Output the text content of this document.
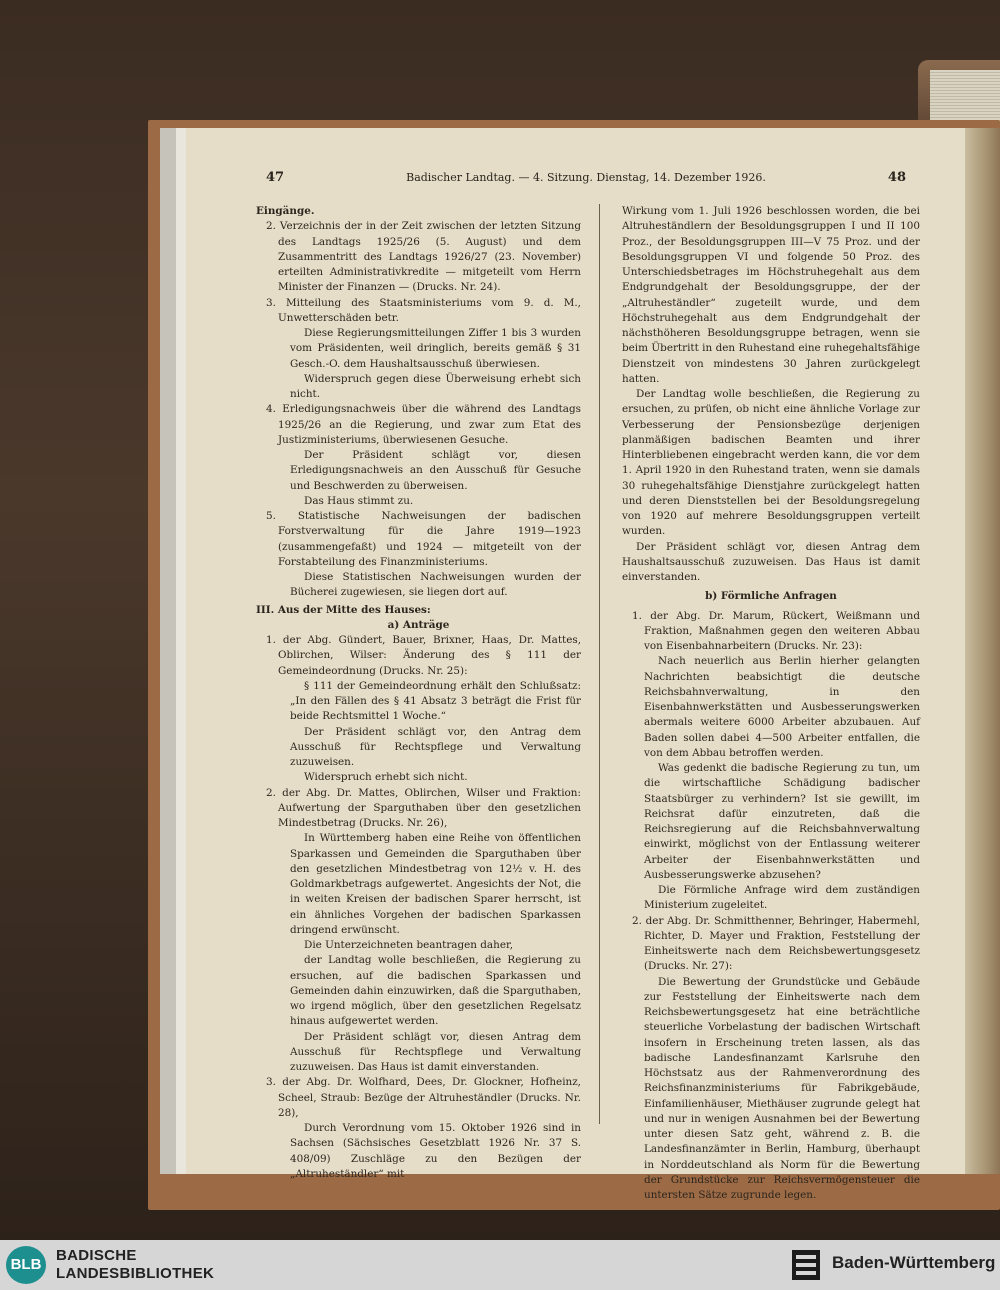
47	Badischer Landtag. — 4. Sitzung. Dienstag, 14. Dezember 1926.	48

Eingänge.

2. Verzeichnis der in der Zeit zwischen der letzten Sitzung des Landtags 1925/26 (5. August) und dem Zusammentritt des Landtags 1926/27 (23. November) erteilten Administrativkredite — mitgeteilt vom Herrn Minister der Finanzen — (Drucks. Nr. 24).

3. Mitteilung des Staatsministeriums vom 9. d. M., Unwetterschäden betr.

Diese Regierungsmitteilungen Ziffer 1 bis 3 wurden vom Präsidenten, weil dringlich, bereits gemäß § 31 Gesch.-O. dem Haushaltsausschuß überwiesen.

Widerspruch gegen diese Überweisung erhebt sich nicht.

4. Erledigungsnachweis über die während des Landtags 1925/26 an die Regierung, und zwar zum Etat des Justizministeriums, überwiesenen Gesuche.

Der Präsident schlägt vor, diesen Erledigungsnachweis an den Ausschuß für Gesuche und Beschwerden zu überweisen.

Das Haus stimmt zu.

5. Statistische Nachweisungen der badischen Forstverwaltung für die Jahre 1919—1923 (zusammengefaßt) und 1924 — mitgeteilt von der Forstabteilung des Finanzministeriums.

Diese Statistischen Nachweisungen wurden der Bücherei zugewiesen, sie liegen dort auf.

III. Aus der Mitte des Hauses:

a) Anträge

1. der Abg. Gündert, Bauer, Brixner, Haas, Dr. Mattes, Oblirchen, Wilser: Änderung des § 111 der Gemeindeordnung (Drucks. Nr. 25):

§ 111 der Gemeindeordnung erhält den Schlußsatz: „In den Fällen des § 41 Absatz 3 beträgt die Frist für beide Rechtsmittel 1 Woche.“

Der Präsident schlägt vor, den Antrag dem Ausschuß für Rechtspflege und Verwaltung zuzuweisen.

Widerspruch erhebt sich nicht.

2. der Abg. Dr. Mattes, Oblirchen, Wilser und Fraktion: Aufwertung der Sparguthaben über den gesetzlichen Mindestbetrag (Drucks. Nr. 26),

In Württemberg haben eine Reihe von öffentlichen Sparkassen und Gemeinden die Sparguthaben über den gesetzlichen Mindestbetrag von 12½ v. H. des Goldmarkbetrags aufgewertet. Angesichts der Not, die in weiten Kreisen der badischen Sparer herrscht, ist ein ähnliches Vorgehen der badischen Sparkassen dringend erwünscht.

Die Unterzeichneten beantragen daher,

der Landtag wolle beschließen, die Regierung zu ersuchen, auf die badischen Sparkassen und Gemeinden dahin einzuwirken, daß die Sparguthaben, wo irgend möglich, über den gesetzlichen Regelsatz hinaus aufgewertet werden.

Der Präsident schlägt vor, diesen Antrag dem Ausschuß für Rechtspflege und Verwaltung zuzuweisen. Das Haus ist damit einverstanden.

3. der Abg. Dr. Wolfhard, Dees, Dr. Glockner, Hofheinz, Scheel, Straub: Bezüge der Altruheständler (Drucks. Nr. 28),

Durch Verordnung vom 15. Oktober 1926 sind in Sachsen (Sächsisches Gesetzblatt 1926 Nr. 37 S. 408/09) Zuschläge zu den Bezügen der „Altruheständler“ mit

Wirkung vom 1. Juli 1926 beschlossen worden, die bei Altruheständlern der Besoldungsgruppen I und II 100 Proz., der Besoldungsgruppen III—V 75 Proz. und der Besoldungsgruppen VI und folgende 50 Proz. des Unterschiedsbetrages im Höchstruhegehalt aus dem Endgrundgehalt der Besoldungsgruppe, der der „Altruheständler“ zugeteilt wurde, und dem Höchstruhegehalt aus dem Endgrundgehalt der nächsthöheren Besoldungsgruppe betragen, wenn sie beim Übertritt in den Ruhestand eine ruhegehaltsfähige Dienstzeit von mindestens 30 Jahren zurückgelegt hatten.

Der Landtag wolle beschließen, die Regierung zu ersuchen, zu prüfen, ob nicht eine ähnliche Vorlage zur Verbesserung der Pensionsbezüge derjenigen planmäßigen badischen Beamten und ihrer Hinterbliebenen eingebracht werden kann, die vor dem 1. April 1920 in den Ruhestand traten, wenn sie damals 30 ruhegehaltsfähige Dienstjahre zurückgelegt hatten und deren Dienststellen bei der Besoldungsregelung von 1920 auf mehrere Besoldungsgruppen verteilt wurden.

Der Präsident schlägt vor, diesen Antrag dem Haushaltsausschuß zuzuweisen. Das Haus ist damit einverstanden.

b) Förmliche Anfragen

1. der Abg. Dr. Marum, Rückert, Weißmann und Fraktion, Maßnahmen gegen den weiteren Abbau von Eisenbahnarbeitern (Drucks. Nr. 23):

Nach neuerlich aus Berlin hierher gelangten Nachrichten beabsichtigt die deutsche Reichsbahnverwaltung, in den Eisenbahnwerkstätten und Ausbesserungswerken abermals weitere 6000 Arbeiter abzubauen. Auf Baden sollen dabei 4—500 Arbeiter entfallen, die von dem Abbau betroffen werden.

Was gedenkt die badische Regierung zu tun, um die wirtschaftliche Schädigung badischer Staatsbürger zu verhindern? Ist sie gewillt, im Reichsrat dafür einzutreten, daß die Reichsregierung auf die Reichsbahnverwaltung einwirkt, möglichst von der Entlassung weiterer Arbeiter der Eisenbahnwerkstätten und Ausbesserungswerke abzusehen?

Die Förmliche Anfrage wird dem zuständigen Ministerium zugeleitet.

2. der Abg. Dr. Schmitthenner, Behringer, Habermehl, Richter, D. Mayer und Fraktion, Feststellung der Einheitswerte nach dem Reichsbewertungsgesetz (Drucks. Nr. 27):

Die Bewertung der Grundstücke und Gebäude zur Feststellung der Einheitswerte nach dem Reichsbewertungsgesetz hat eine beträchtliche steuerliche Vorbelastung der badischen Wirtschaft insofern in Erscheinung treten lassen, als das badische Landesfinanzamt Karlsruhe den Höchstsatz aus der Rahmenverordnung des Reichsfinanzministeriums für Fabrikgebäude, Einfamilienhäuser, Miethäuser zugrunde gelegt hat und nur in wenigen Ausnahmen bei der Bewertung unter diesen Satz geht, während z. B. die Landesfinanzämter in Berlin, Hamburg, überhaupt in Norddeutschland als Norm für die Bewertung der Grundstücke zur Reichsvermögensteuer die untersten Sätze zugrunde legen.

BLB
BADISCHE
LANDESBIBLIOTHEK
Baden-Württemberg
